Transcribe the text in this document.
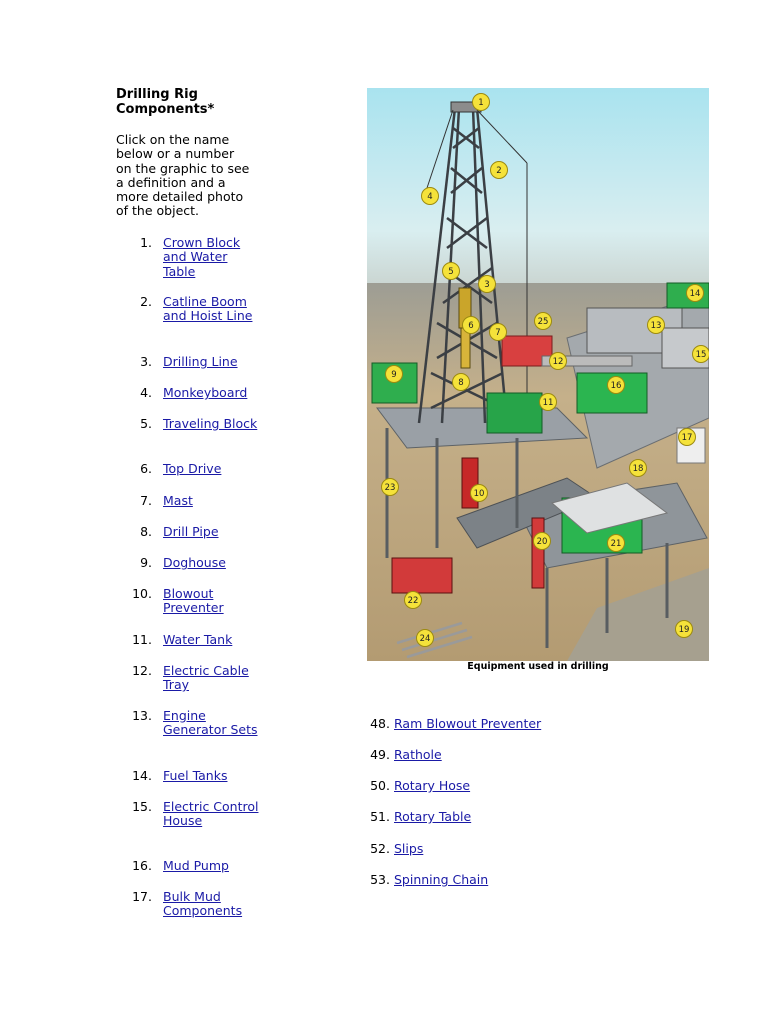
Drilling Rig Components*
Click on the name below or a number on the graphic to see a definition and a more detailed photo of the object.
1. Crown Block and Water Table
2. Catline Boom and Hoist Line
3. Drilling Line
4. Monkeyboard
5. Traveling Block
6. Top Drive
7. Mast
8. Drill Pipe
9. Doghouse
10. Blowout Preventer
11. Water Tank
12. Electric Cable Tray
13. Engine Generator Sets
14. Fuel Tanks
15. Electric Control House
16. Mud Pump
17. Bulk Mud Components
1
2
3
4
5
6
7
8
9
10
11
12
13
14
15
16
17
18
19
20	21
22
23
24
25
Equipment used in drilling
48. Ram Blowout Preventer
49. Rathole
50. Rotary Hose
51. Rotary Table
52. Slips
53. Spinning Chain
